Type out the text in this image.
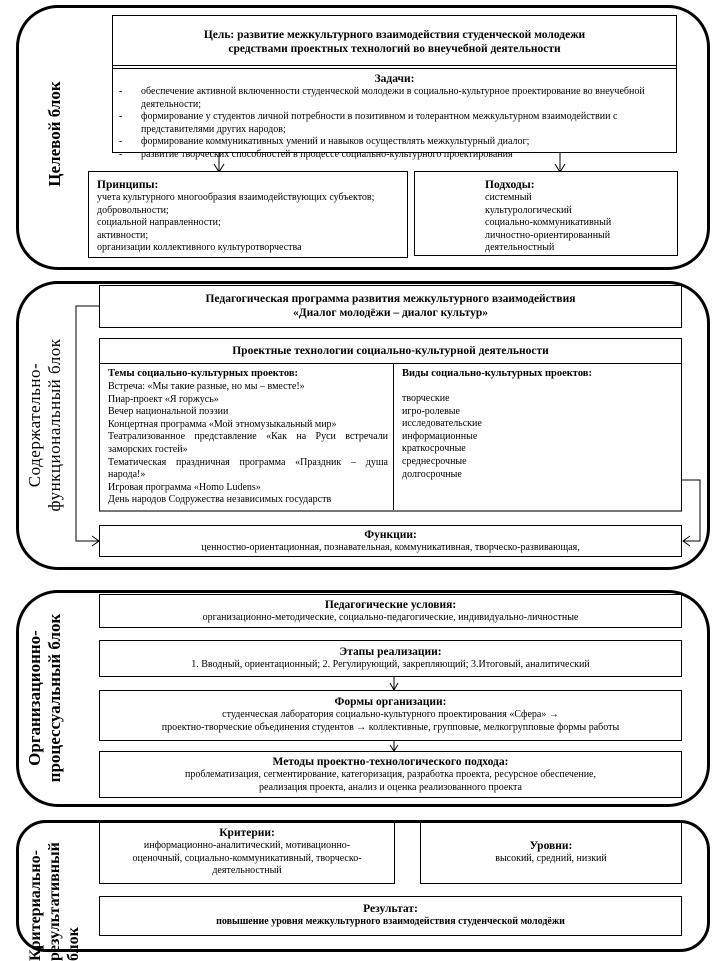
Целевой блок
Цель: развитие межкультурного взаимодействия студенческой молодежи
средствами проектных технологий во внеучебной деятельности
Задачи:
- обеспечение активной включенности студенческой молодежи в социально-культурное проектирование во внеучебной деятельности;
- формирование у студентов личной потребности в позитивном и толерантном межкультурном взаимодействии с представителями других народов;
- формирование коммуникативных умений и навыков осуществлять межкультурный диалог;
- развитие творческих способностей в процессе социально-культурного проектирования
Принципы:
учета культурного многообразия взаимодействующих субъектов;
добровольности;
социальной направленности;
активности;
организации коллективного культуротворчества
Подходы:
системный
культурологический
социально-коммуникативный
личностно-ориентированный
деятельностный
Содержательно- функциональный блок
Педагогическая программа развития межкультурного взаимодействия
«Диалог молодёжи – диалог культур»
Проектные технологии социально-культурной деятельности
Темы социально-культурных проектов:
Встреча: «Мы такие разные, но мы – вместе!»
Пиар-проект «Я горжусь»
Вечер национальной поэзии
Концертная программа «Мой этномузыкальный мир»
Театрализованное представление «Как на Руси встречали заморских гостей»
Тематическая праздничная программа «Праздник – душа народа!»
Игровая программа «Homo Ludens»
День народов Содружества независимых государств
Виды социально-культурных проектов:
творческие
игро-ролевые
исследовательские
информационные
краткосрочные
среднесрочные
долгосрочные
Функции:
ценностно-ориентационная, познавательная, коммуникативная, творческо-развивающая,
Организационно- процессуальный блок
Педагогические условия:
организационно-методические, социально-педагогические, индивидуально-личностные
Этапы реализации:
1. Вводный, ориентационный; 2. Регулирующий, закрепляющий; 3.Итоговый, аналитический
Формы организации:
студенческая лаборатория социально-культурного проектирования «Сфера» →
проектно-творческие объединения студентов → коллективные, групповые, мелкогрупповые формы работы
Методы проектно-технологического подхода:
проблематизация, сегментирование, категоризация, разработка проекта, ресурсное обеспечение,
реализация проекта, анализ и оценка реализованного проекта
Критериально- результативный блок
Критерии:
информационно-аналитический, мотивационно-оценочный, социально-коммуникативный, творческо-деятельностный
Уровни:
высокий, средний, низкий
Результат:
повышение уровня межкультурного взаимодействия студенческой молодёжи
